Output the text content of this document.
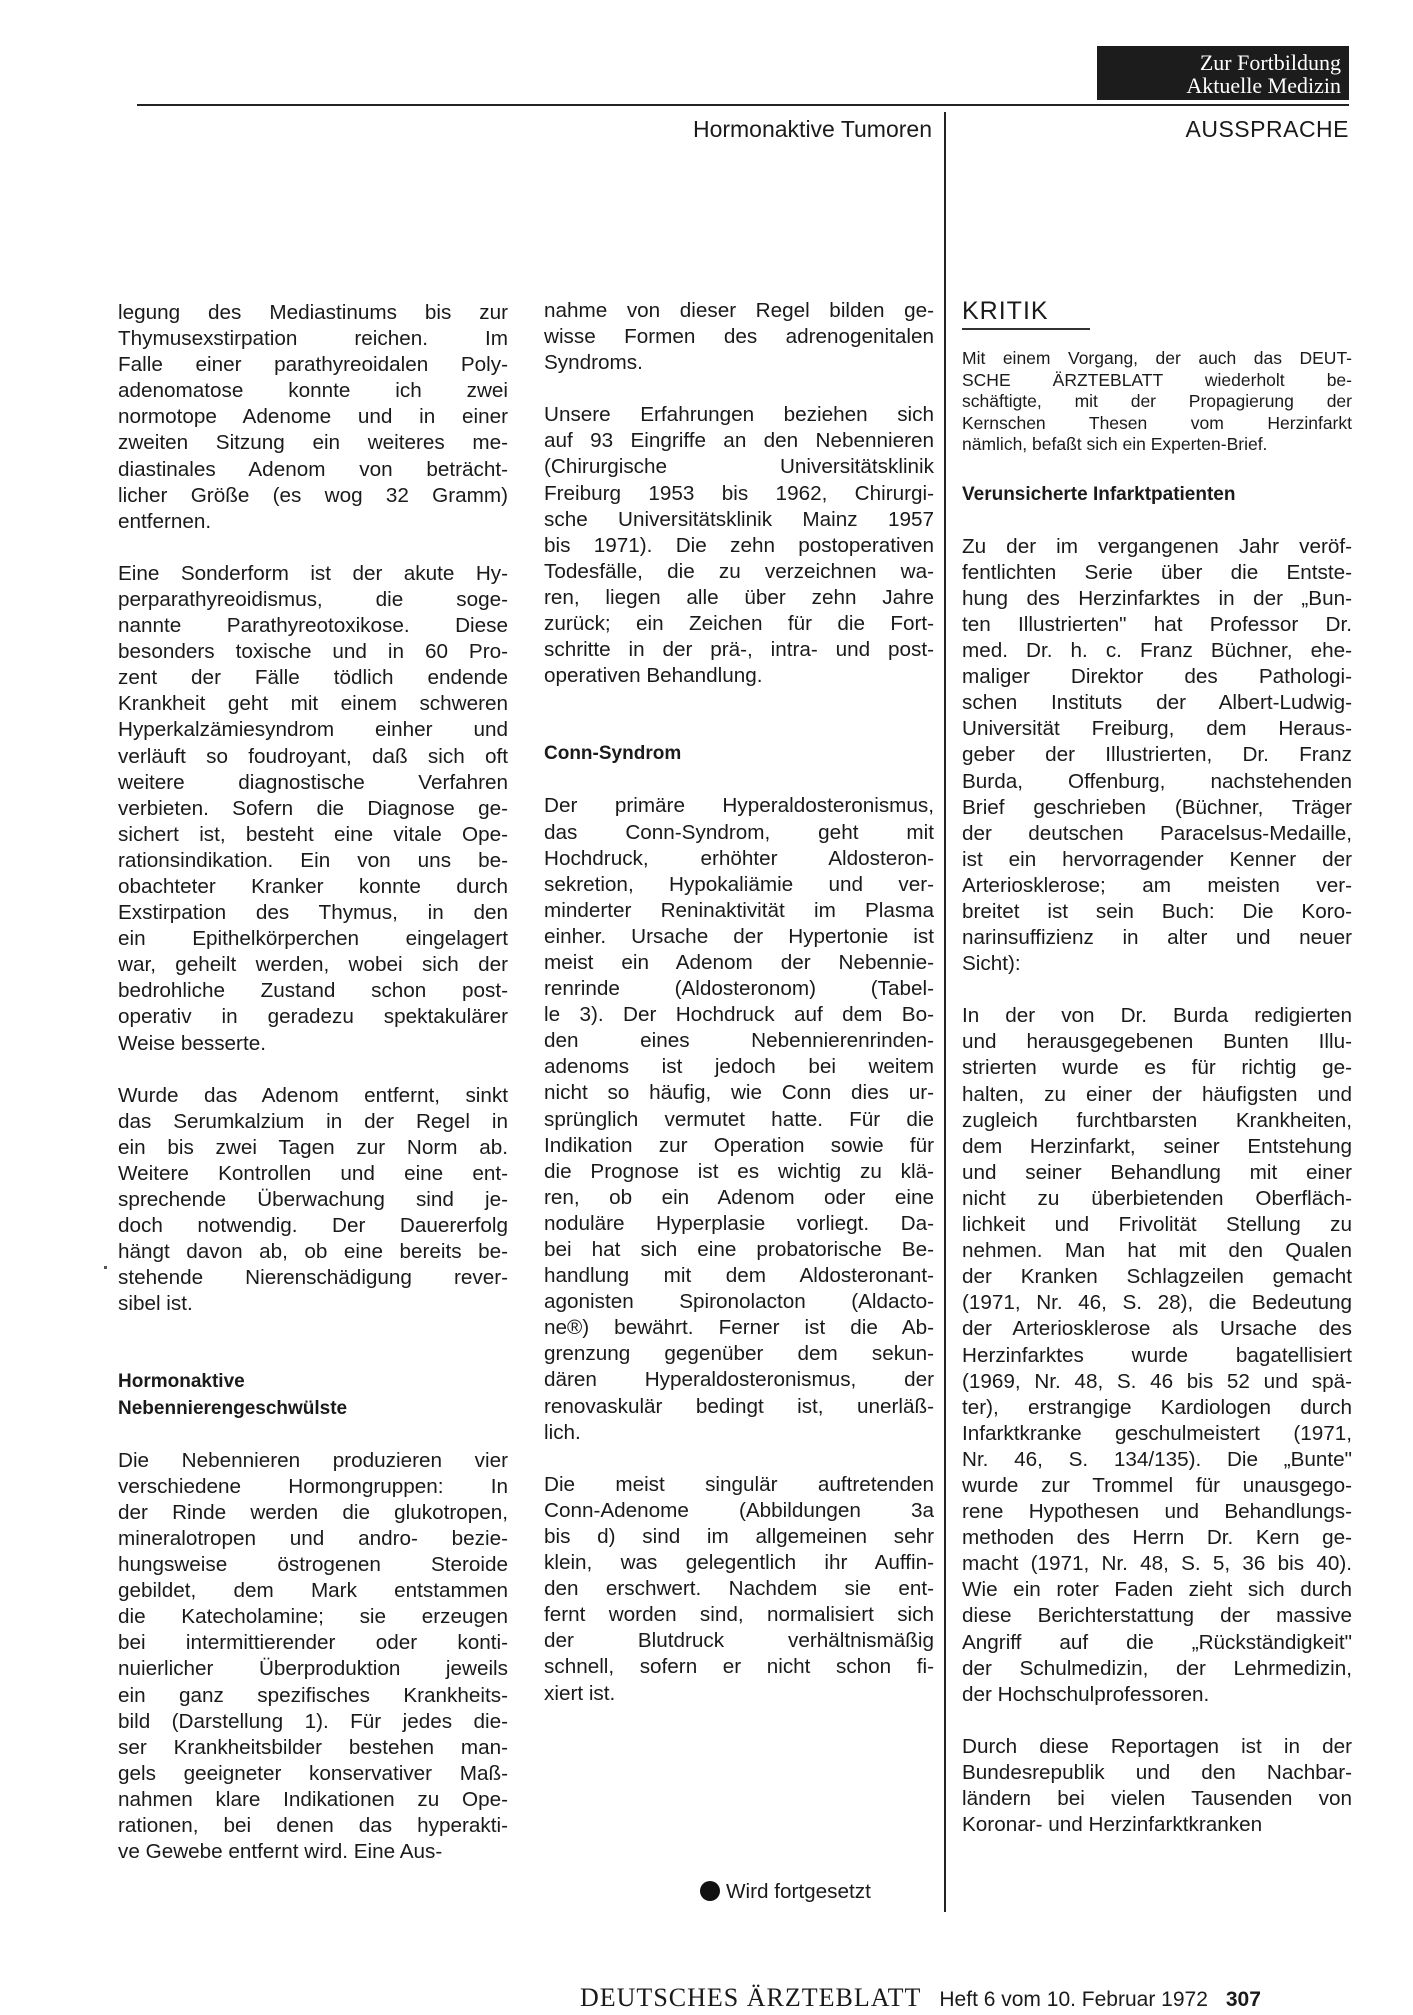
Zur Fortbildung
Aktuelle Medizin
Hormonaktive Tumoren	AUSSPRACHE

legung des Mediastinums bis zur
Thymusexstirpation reichen. Im
Falle einer parathyreoidalen Poly-
adenomatose konnte ich zwei
normotope Adenome und in einer
zweiten Sitzung ein weiteres me-
diastinales Adenom von beträcht-
licher Größe (es wog 32 Gramm)
entfernen.

Eine Sonderform ist der akute Hy-
perparathyreoidismus, die soge-
nannte Parathyreotoxikose. Diese
besonders toxische und in 60 Pro-
zent der Fälle tödlich endende
Krankheit geht mit einem schweren
Hyperkalzämiesyndrom einher und
verläuft so foudroyant, daß sich oft
weitere diagnostische Verfahren
verbieten. Sofern die Diagnose ge-
sichert ist, besteht eine vitale Ope-
rationsindikation. Ein von uns be-
obachteter Kranker konnte durch
Exstirpation des Thymus, in den
ein Epithelkörperchen eingelagert
war, geheilt werden, wobei sich der
bedrohliche Zustand schon post-
operativ in geradezu spektakulärer
Weise besserte.

Wurde das Adenom entfernt, sinkt
das Serumkalzium in der Regel in
ein bis zwei Tagen zur Norm ab.
Weitere Kontrollen und eine ent-
sprechende Überwachung sind je-
doch notwendig. Der Dauererfolg
hängt davon ab, ob eine bereits be-
stehende Nierenschädigung rever-
sibel ist.

Hormonaktive
Nebennierengeschwülste

Die Nebennieren produzieren vier
verschiedene Hormongruppen: In
der Rinde werden die glukotropen,
mineralotropen und andro- bezie-
hungsweise östrogenen Steroide
gebildet, dem Mark entstammen
die Katecholamine; sie erzeugen
bei intermittierender oder konti-
nuierlicher Überproduktion jeweils
ein ganz spezifisches Krankheits-
bild (Darstellung 1). Für jedes die-
ser Krankheitsbilder bestehen man-
gels geeigneter konservativer Maß-
nahmen klare Indikationen zu Ope-
rationen, bei denen das hyperakti-
ve Gewebe entfernt wird. Eine Aus-

nahme von dieser Regel bilden ge-
wisse Formen des adrenogenitalen
Syndroms.

Unsere Erfahrungen beziehen sich
auf 93 Eingriffe an den Nebennieren
(Chirurgische Universitätsklinik
Freiburg 1953 bis 1962, Chirurgi-
sche Universitätsklinik Mainz 1957
bis 1971). Die zehn postoperativen
Todesfälle, die zu verzeichnen wa-
ren, liegen alle über zehn Jahre
zurück; ein Zeichen für die Fort-
schritte in der prä-, intra- und post-
operativen Behandlung.

Conn-Syndrom

Der primäre Hyperaldosteronismus,
das Conn-Syndrom, geht mit
Hochdruck, erhöhter Aldosteron-
sekretion, Hypokaliämie und ver-
minderter Reninaktivität im Plasma
einher. Ursache der Hypertonie ist
meist ein Adenom der Nebennie-
renrinde (Aldosteronom) (Tabel-
le 3). Der Hochdruck auf dem Bo-
den eines Nebennierenrinden-
adenoms ist jedoch bei weitem
nicht so häufig, wie Conn dies ur-
sprünglich vermutet hatte. Für die
Indikation zur Operation sowie für
die Prognose ist es wichtig zu klä-
ren, ob ein Adenom oder eine
noduläre Hyperplasie vorliegt. Da-
bei hat sich eine probatorische Be-
handlung mit dem Aldosteronant-
agonisten Spironolacton (Aldacto-
ne®) bewährt. Ferner ist die Ab-
grenzung gegenüber dem sekun-
dären Hyperaldosteronismus, der
renovaskulär bedingt ist, unerläß-
lich.

Die meist singulär auftretenden
Conn-Adenome (Abbildungen 3a
bis d) sind im allgemeinen sehr
klein, was gelegentlich ihr Auffin-
den erschwert. Nachdem sie ent-
fernt worden sind, normalisiert sich
der Blutdruck verhältnismäßig
schnell, sofern er nicht schon fi-
xiert ist.

KRITIK

Mit einem Vorgang, der auch das DEUT-
SCHE ÄRZTEBLATT wiederholt be-
schäftigte, mit der Propagierung der
Kernschen Thesen vom Herzinfarkt
nämlich, befaßt sich ein Experten-Brief.

Verunsicherte Infarktpatienten

Zu der im vergangenen Jahr veröf-
fentlichten Serie über die Entste-
hung des Herzinfarktes in der „Bun-
ten Illustrierten" hat Professor Dr.
med. Dr. h. c. Franz Büchner, ehe-
maliger Direktor des Pathologi-
schen Instituts der Albert-Ludwig-
Universität Freiburg, dem Heraus-
geber der Illustrierten, Dr. Franz
Burda, Offenburg, nachstehenden
Brief geschrieben (Büchner, Träger
der deutschen Paracelsus-Medaille,
ist ein hervorragender Kenner der
Arteriosklerose; am meisten ver-
breitet ist sein Buch: Die Koro-
narinsuffizienz in alter und neuer
Sicht):

In der von Dr. Burda redigierten
und herausgegebenen Bunten Illu-
strierten wurde es für richtig ge-
halten, zu einer der häufigsten und
zugleich furchtbarsten Krankheiten,
dem Herzinfarkt, seiner Entstehung
und seiner Behandlung mit einer
nicht zu überbietenden Oberfläch-
lichkeit und Frivolität Stellung zu
nehmen. Man hat mit den Qualen
der Kranken Schlagzeilen gemacht
(1971, Nr. 46, S. 28), die Bedeutung
der Arteriosklerose als Ursache des
Herzinfarktes wurde bagatellisiert
(1969, Nr. 48, S. 46 bis 52 und spä-
ter), erstrangige Kardiologen durch
Infarktkranke geschulmeistert (1971,
Nr. 46, S. 134/135). Die „Bunte"
wurde zur Trommel für unausgego-
rene Hypothesen und Behandlungs-
methoden des Herrn Dr. Kern ge-
macht (1971, Nr. 48, S. 5, 36 bis 40).
Wie ein roter Faden zieht sich durch
diese Berichterstattung der massive
Angriff auf die „Rückständigkeit"
der Schulmedizin, der Lehrmedizin,
der Hochschulprofessoren.

Durch diese Reportagen ist in der
Bundesrepublik und den Nachbar-
ländern bei vielen Tausenden von
Koronar- und Herzinfarktkranken

Wird fortgesetzt
DEUTSCHES ÄRZTEBLATT Heft 6 vom 10. Februar 1972 307
